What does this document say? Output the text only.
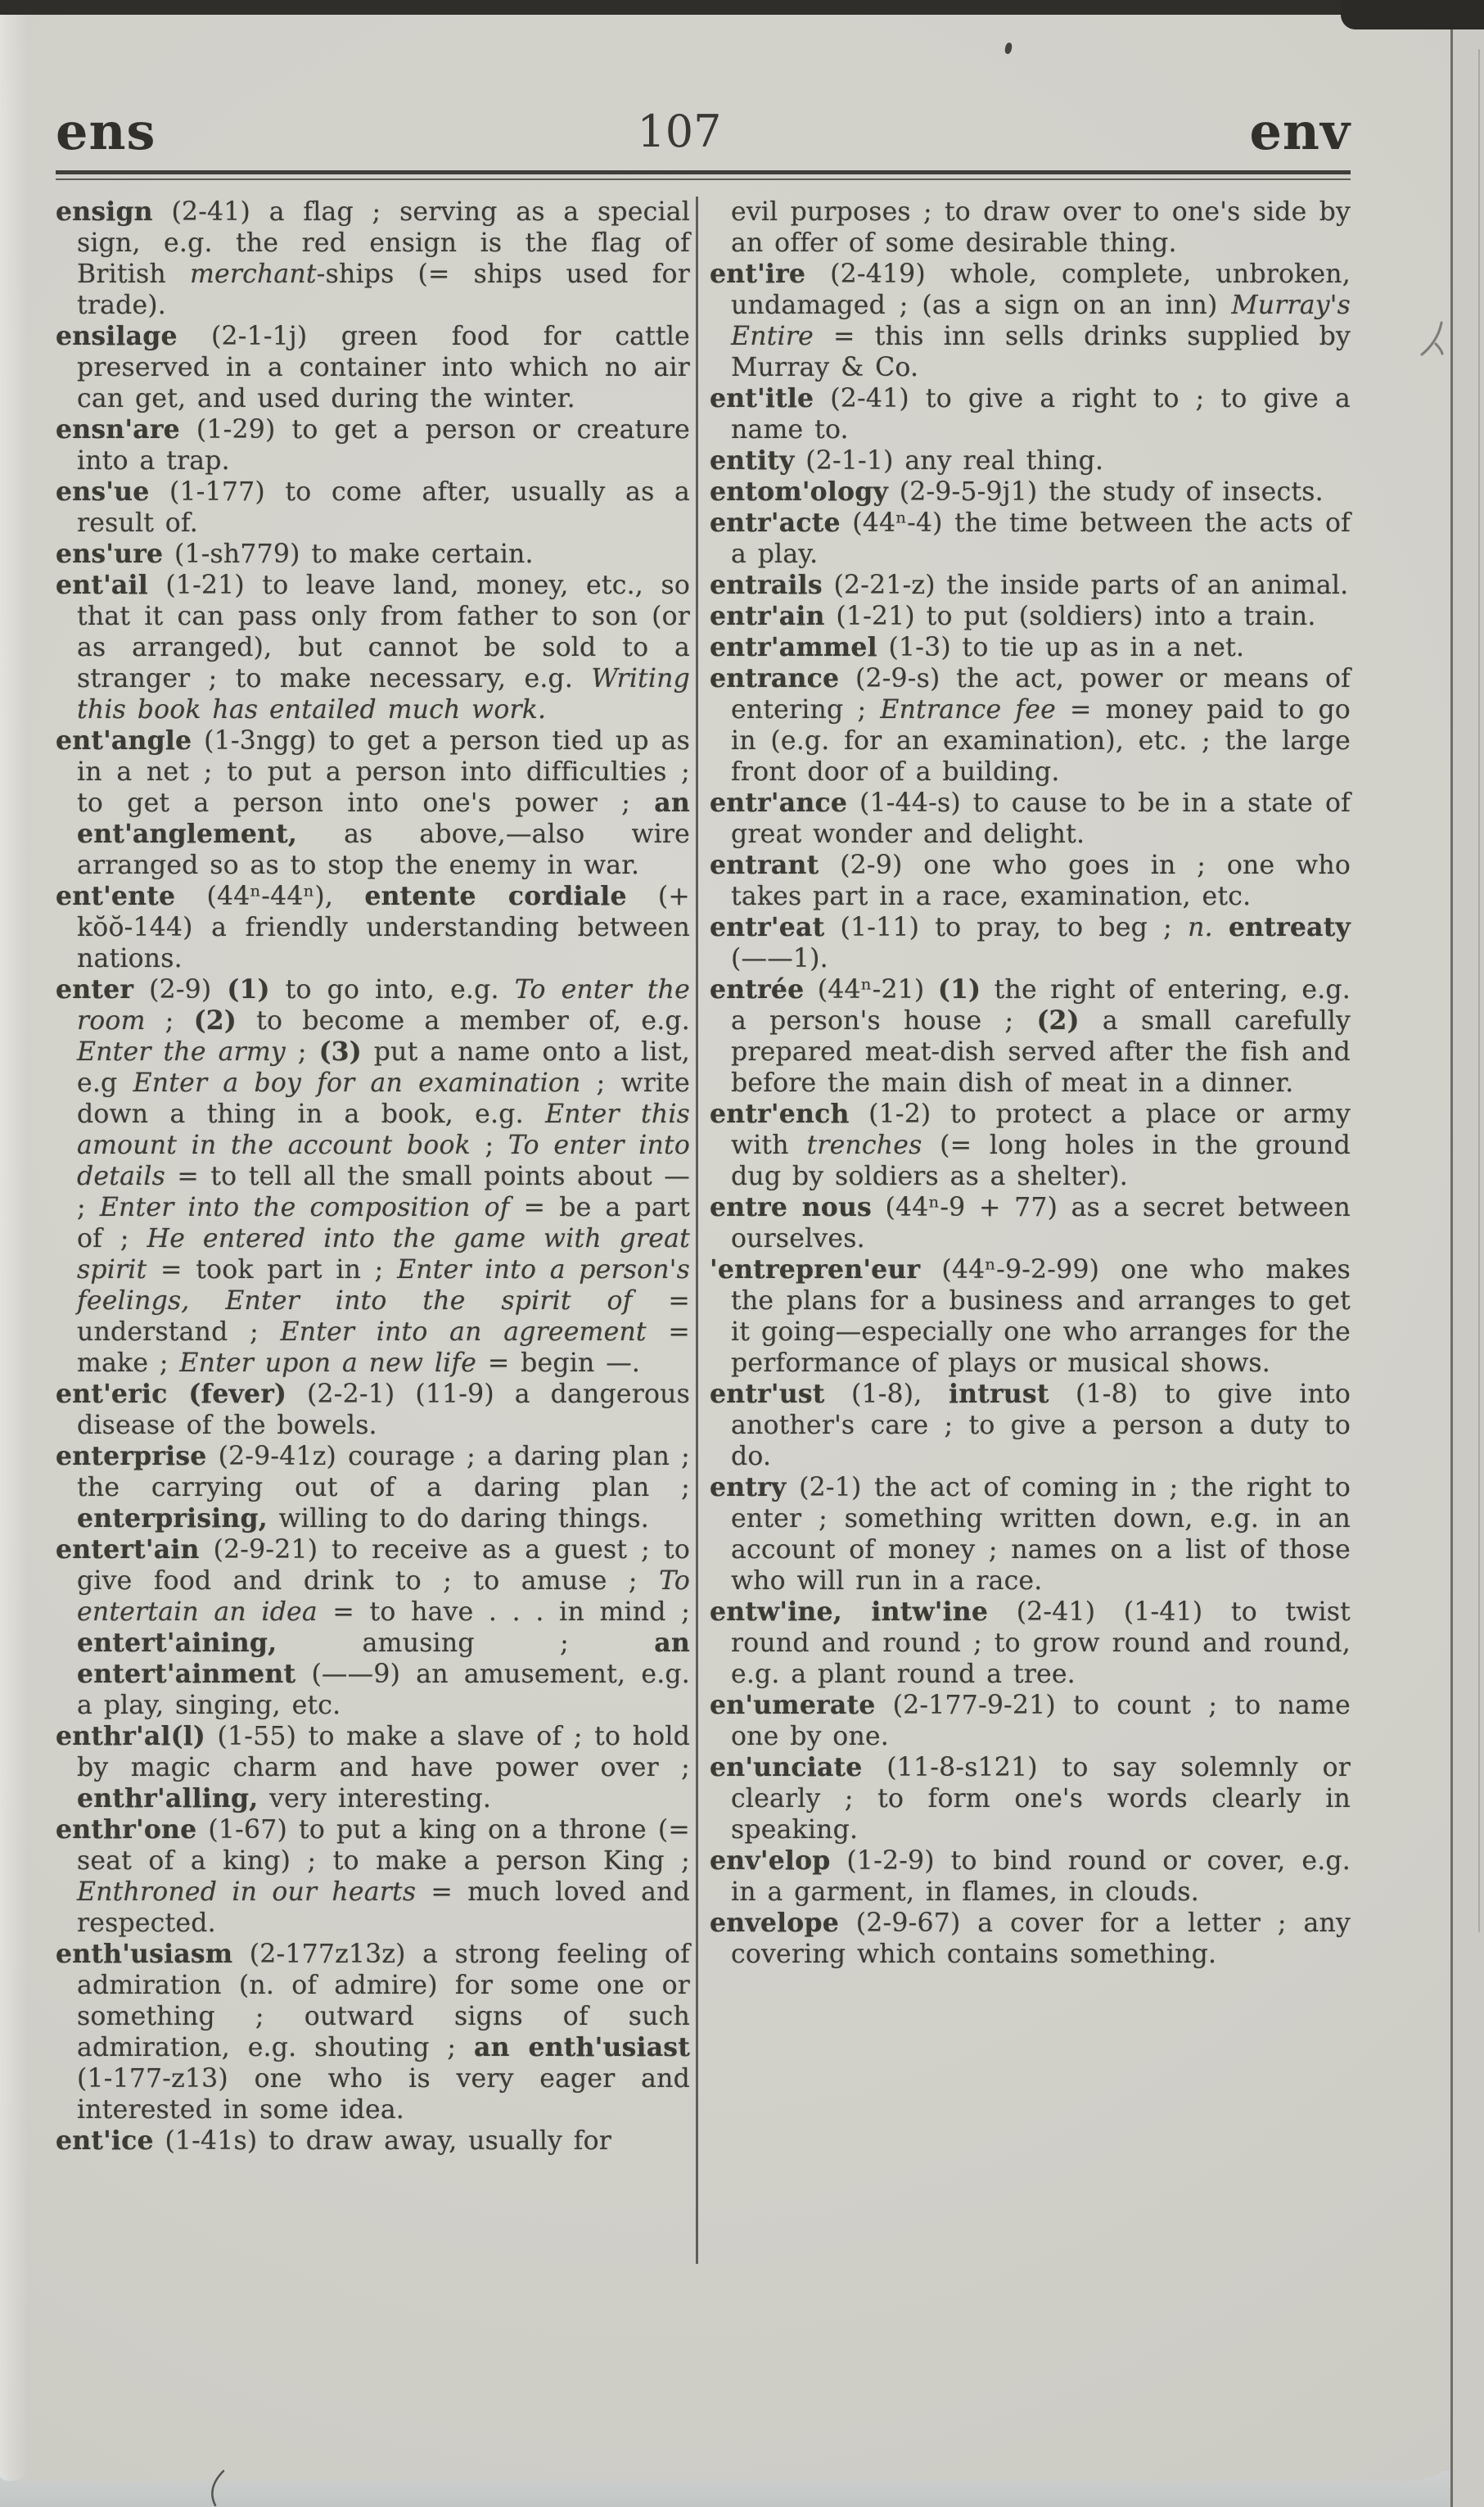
ens	107	env

ensign (2-41) a flag ; serving as a special sign, e.g. the red ensign is the flag of British merchant-ships (= ships used for trade).

ensilage (2-1-1j) green food for cattle preserved in a container into which no air can get, and used during the winter.

ensn'are (1-29) to get a person or creature into a trap.

ens'ue (1-177) to come after, usually as a result of.

ens'ure (1-sh779) to make certain.

ent'ail (1-21) to leave land, money, etc., so that it can pass only from father to son (or as arranged), but cannot be sold to a stranger ; to make necessary, e.g. Writing this book has entailed much work.

ent'angle (1-3ngg) to get a person tied up as in a net ; to put a person into difficulties ; to get a person into one's power ; an ent'anglement, as above,—also wire arranged so as to stop the enemy in war.

ent'ente (44ⁿ-44ⁿ), entente cordiale (+ kŏŏ-144) a friendly understanding between nations.

enter (2-9) (1) to go into, e.g. To enter the room ; (2) to become a member of, e.g. Enter the army ; (3) put a name onto a list, e.g Enter a boy for an examination ; write down a thing in a book, e.g. Enter this amount in the account book ; To enter into details = to tell all the small points about — ; Enter into the composition of = be a part of ; He entered into the game with great spirit = took part in ; Enter into a person's feelings, Enter into the spirit of = understand ; Enter into an agreement = make ; Enter upon a new life = begin —.

ent'eric (fever) (2-2-1) (11-9) a dangerous disease of the bowels.

enterprise (2-9-41z) courage ; a daring plan ; the carrying out of a daring plan ; enterprising, willing to do daring things.

entert'ain (2-9-21) to receive as a guest ; to give food and drink to ; to amuse ; To entertain an idea = to have . . . in mind ; entert'aining, amusing ; an entert'ainment (——9) an amusement, e.g. a play, singing, etc.

enthr'al(l) (1-55) to make a slave of ; to hold by magic charm and have power over ; enthr'alling, very interesting.

enthr'one (1-67) to put a king on a throne (= seat of a king) ; to make a person King ; Enthroned in our hearts = much loved and respected.

enth'usiasm (2-177z13z) a strong feeling of admiration (n. of admire) for some one or something ; outward signs of such admiration, e.g. shouting ; an enth'usiast (1-177-z13) one who is very eager and interested in some idea.

ent'ice (1-41s) to draw away, usually for

evil purposes ; to draw over to one's side by an offer of some desirable thing.

ent'ire (2-419) whole, complete, unbroken, undamaged ; (as a sign on an inn) Murray's Entire = this inn sells drinks supplied by Murray & Co.

ent'itle (2-41) to give a right to ; to give a name to.

entity (2-1-1) any real thing.

entom'ology (2-9-5-9j1) the study of insects.

entr'acte (44ⁿ-4) the time between the acts of a play.

entrails (2-21-z) the inside parts of an animal.

entr'ain (1-21) to put (soldiers) into a train.

entr'ammel (1-3) to tie up as in a net.

entrance (2-9-s) the act, power or means of entering ; Entrance fee = money paid to go in (e.g. for an examination), etc. ; the large front door of a building.

entr'ance (1-44-s) to cause to be in a state of great wonder and delight.

entrant (2-9) one who goes in ; one who takes part in a race, examination, etc.

entr'eat (1-11) to pray, to beg ; n. entreaty (——1).

entrée (44ⁿ-21) (1) the right of entering, e.g. a person's house ; (2) a small carefully prepared meat-dish served after the fish and before the main dish of meat in a dinner.

entr'ench (1-2) to protect a place or army with trenches (= long holes in the ground dug by soldiers as a shelter).

entre nous (44ⁿ-9 + 77) as a secret between ourselves.

'entrepren'eur (44ⁿ-9-2-99) one who makes the plans for a business and arranges to get it going—especially one who arranges for the performance of plays or musical shows.

entr'ust (1-8), intrust (1-8) to give into another's care ; to give a person a duty to do.

entry (2-1) the act of coming in ; the right to enter ; something written down, e.g. in an account of money ; names on a list of those who will run in a race.

entw'ine, intw'ine (2-41) (1-41) to twist round and round ; to grow round and round, e.g. a plant round a tree.

en'umerate (2-177-9-21) to count ; to name one by one.

en'unciate (11-8-s121) to say solemnly or clearly ; to form one's words clearly in speaking.

env'elop (1-2-9) to bind round or cover, e.g. in a garment, in flames, in clouds.

envelope (2-9-67) a cover for a letter ; any covering which contains something.
